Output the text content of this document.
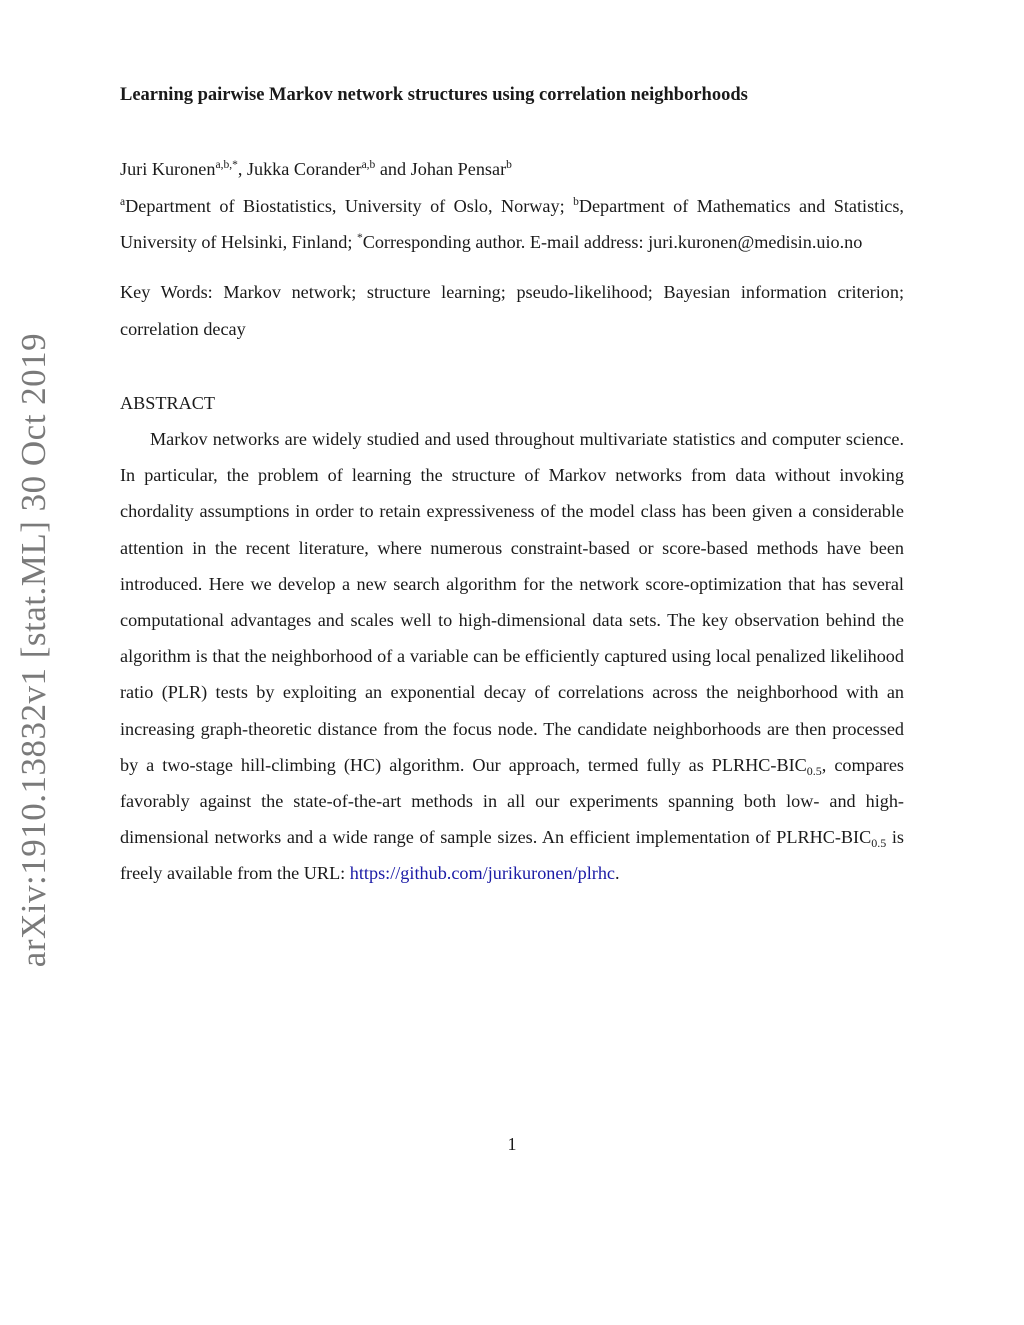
arXiv:1910.13832v1 [stat.ML] 30 Oct 2019
Learning pairwise Markov network structures using correlation neighborhoods
Juri Kuronen$^{a,b,*}$, Jukka Corander$^{a,b}$ and Johan Pensar$^b$
$^a$Department of Biostatistics, University of Oslo, Norway; $^b$Department of Mathematics and Statistics, University of Helsinki, Finland; *Corresponding author. E-mail address: juri.kuronen@medisin.uio.no
Key Words: Markov network; structure learning; pseudo-likelihood; Bayesian information criterion; correlation decay
ABSTRACT
Markov networks are widely studied and used throughout multivariate statistics and computer science. In particular, the problem of learning the structure of Markov networks from data without invoking chordality assumptions in order to retain expressiveness of the model class has been given a considerable attention in the recent literature, where numerous constraint-based or score-based methods have been introduced. Here we develop a new search algorithm for the network score-optimization that has several computational advantages and scales well to high-dimensional data sets. The key observation behind the algorithm is that the neighborhood of a variable can be efficiently captured using local penalized likelihood ratio (PLR) tests by exploiting an exponential decay of correlations across the neighborhood with an increasing graph-theoretic distance from the focus node. The candidate neighborhoods are then processed by a two-stage hill-climbing (HC) algorithm. Our approach, termed fully as PLRHC-$BIC_{0.5}$, compares favorably against the state-of-the-art methods in all our experiments spanning both low- and high-dimensional networks and a wide range of sample sizes. An efficient implementation of PLRHC-$BIC_{0.5}$ is freely available from the URL: https://github.com/jurikuronen/plrhc.
1
